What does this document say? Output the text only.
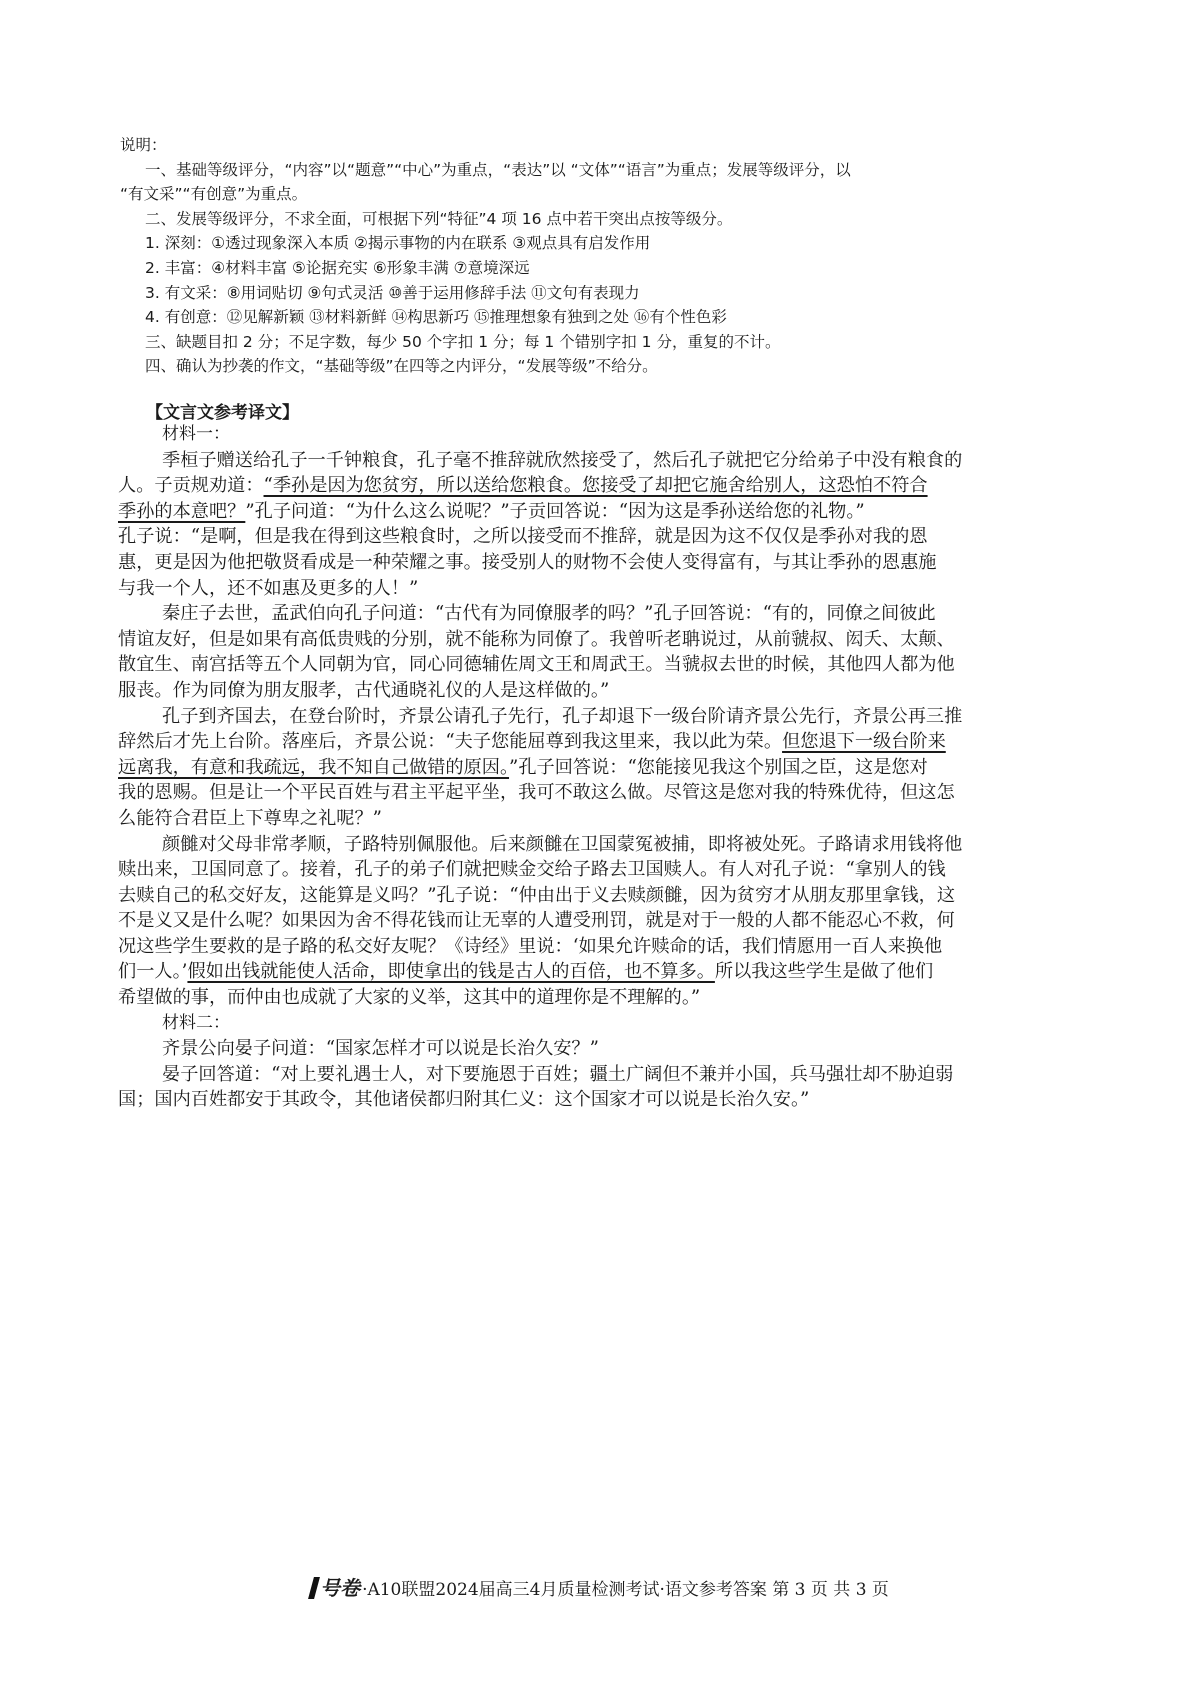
说明：
一、基础等级评分，“内容”以“题意”“中心”为重点，“表达”以 “文体”“语言”为重点；发展等级评分，以
“有文采”“有创意”为重点。
二、发展等级评分，不求全面，可根据下列“特征”4 项 16 点中若干突出点按等级分。
1. 深刻：①透过现象深入本质 ②揭示事物的内在联系 ③观点具有启发作用
2. 丰富：④材料丰富 ⑤论据充实 ⑥形象丰满 ⑦意境深远
3. 有文采：⑧用词贴切 ⑨句式灵活 ⑩善于运用修辞手法 ⑪文句有表现力
4. 有创意：⑫见解新颖 ⑬材料新鲜 ⑭构思新巧 ⑮推理想象有独到之处 ⑯有个性色彩
三、缺题目扣 2 分；不足字数，每少 50 个字扣 1 分；每 1 个错别字扣 1 分，重复的不计。
四、确认为抄袭的作文，“基础等级”在四等之内评分，“发展等级”不给分。
【文言文参考译文】
材料一：
季桓子赠送给孔子一千钟粮食，孔子毫不推辞就欣然接受了，然后孔子就把它分给弟子中没有粮食的
人。子贡规劝道：“季孙是因为您贫穷，所以送给您粮食。您接受了却把它施舍给别人，这恐怕不符合
季孙的本意吧？”孔子问道：“为什么这么说呢？”子贡回答说：“因为这是季孙送给您的礼物。”
孔子说：“是啊，但是我在得到这些粮食时，之所以接受而不推辞，就是因为这不仅仅是季孙对我的恩
惠，更是因为他把敬贤看成是一种荣耀之事。接受别人的财物不会使人变得富有，与其让季孙的恩惠施
与我一个人，还不如惠及更多的人！”
秦庄子去世，孟武伯向孔子问道：“古代有为同僚服孝的吗？”孔子回答说：“有的，同僚之间彼此
情谊友好，但是如果有高低贵贱的分别，就不能称为同僚了。我曾听老聃说过，从前虢叔、闳夭、太颠、
散宜生、南宫括等五个人同朝为官，同心同德辅佐周文王和周武王。当虢叔去世的时候，其他四人都为他
服丧。作为同僚为朋友服孝，古代通晓礼仪的人是这样做的。”
孔子到齐国去，在登台阶时，齐景公请孔子先行，孔子却退下一级台阶请齐景公先行，齐景公再三推
辞然后才先上台阶。落座后，齐景公说：“夫子您能屈尊到我这里来，我以此为荣。但您退下一级台阶来
远离我，有意和我疏远，我不知自己做错的原因。”孔子回答说：“您能接见我这个别国之臣，这是您对
我的恩赐。但是让一个平民百姓与君主平起平坐，我可不敢这么做。尽管这是您对我的特殊优待，但这怎
么能符合君臣上下尊卑之礼呢？”
颜雠对父母非常孝顺，子路特别佩服他。后来颜雠在卫国蒙冤被捕，即将被处死。子路请求用钱将他
赎出来，卫国同意了。接着，孔子的弟子们就把赎金交给子路去卫国赎人。有人对孔子说：“拿别人的钱
去赎自己的私交好友，这能算是义吗？”孔子说：“仲由出于义去赎颜雠，因为贫穷才从朋友那里拿钱，这
不是义又是什么呢？如果因为舍不得花钱而让无辜的人遭受刑罚，就是对于一般的人都不能忍心不救，何
况这些学生要救的是子路的私交好友呢？《诗经》里说：‘如果允许赎命的话，我们情愿用一百人来换他
们一人。’假如出钱就能使人活命，即使拿出的钱是古人的百倍，也不算多。所以我这些学生是做了他们
希望做的事，而仲由也成就了大家的义举，这其中的道理你是不理解的。”
材料二：
齐景公向晏子问道：“国家怎样才可以说是长治久安？”
晏子回答道：“对上要礼遇士人，对下要施恩于百姓；疆土广阔但不兼并小国，兵马强壮却不胁迫弱
国；国内百姓都安于其政令，其他诸侯都归附其仁义：这个国家才可以说是长治久安。”
号卷 ·A10联盟2024届高三4月质量检测考试·语文参考答案 第 3 页 共 3 页
